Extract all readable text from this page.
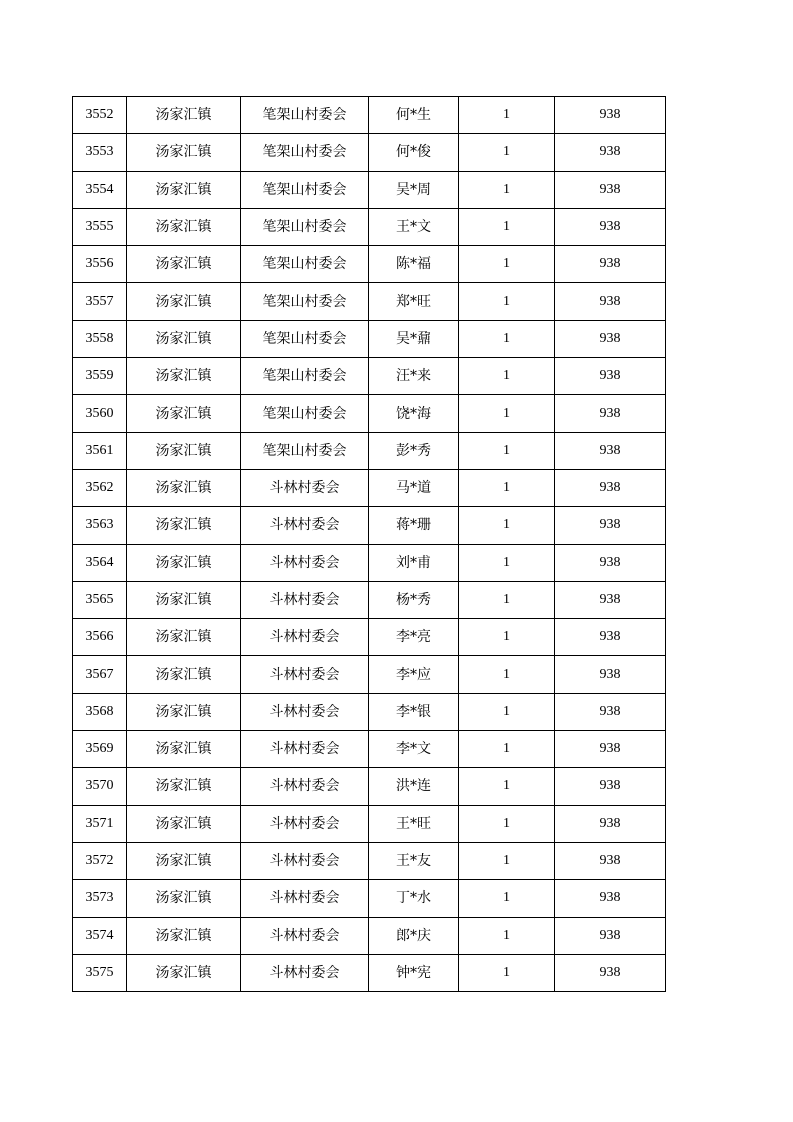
3552	汤家汇镇	笔架山村委会	何*生	1	938
3553	汤家汇镇	笔架山村委会	何*俊	1	938
3554	汤家汇镇	笔架山村委会	吴*周	1	938
3555	汤家汇镇	笔架山村委会	王*文	1	938
3556	汤家汇镇	笔架山村委会	陈*福	1	938
3557	汤家汇镇	笔架山村委会	郑*旺	1	938
3558	汤家汇镇	笔架山村委会	吴*鼐	1	938
3559	汤家汇镇	笔架山村委会	汪*来	1	938
3560	汤家汇镇	笔架山村委会	饶*海	1	938
3561	汤家汇镇	笔架山村委会	彭*秀	1	938
3562	汤家汇镇	斗林村委会	马*道	1	938
3563	汤家汇镇	斗林村委会	蒋*珊	1	938
3564	汤家汇镇	斗林村委会	刘*甫	1	938
3565	汤家汇镇	斗林村委会	杨*秀	1	938
3566	汤家汇镇	斗林村委会	李*亮	1	938
3567	汤家汇镇	斗林村委会	李*应	1	938
3568	汤家汇镇	斗林村委会	李*银	1	938
3569	汤家汇镇	斗林村委会	李*文	1	938
3570	汤家汇镇	斗林村委会	洪*连	1	938
3571	汤家汇镇	斗林村委会	王*旺	1	938
3572	汤家汇镇	斗林村委会	王*友	1	938
3573	汤家汇镇	斗林村委会	丁*水	1	938
3574	汤家汇镇	斗林村委会	郎*庆	1	938
3575	汤家汇镇	斗林村委会	钟*宪	1	938
